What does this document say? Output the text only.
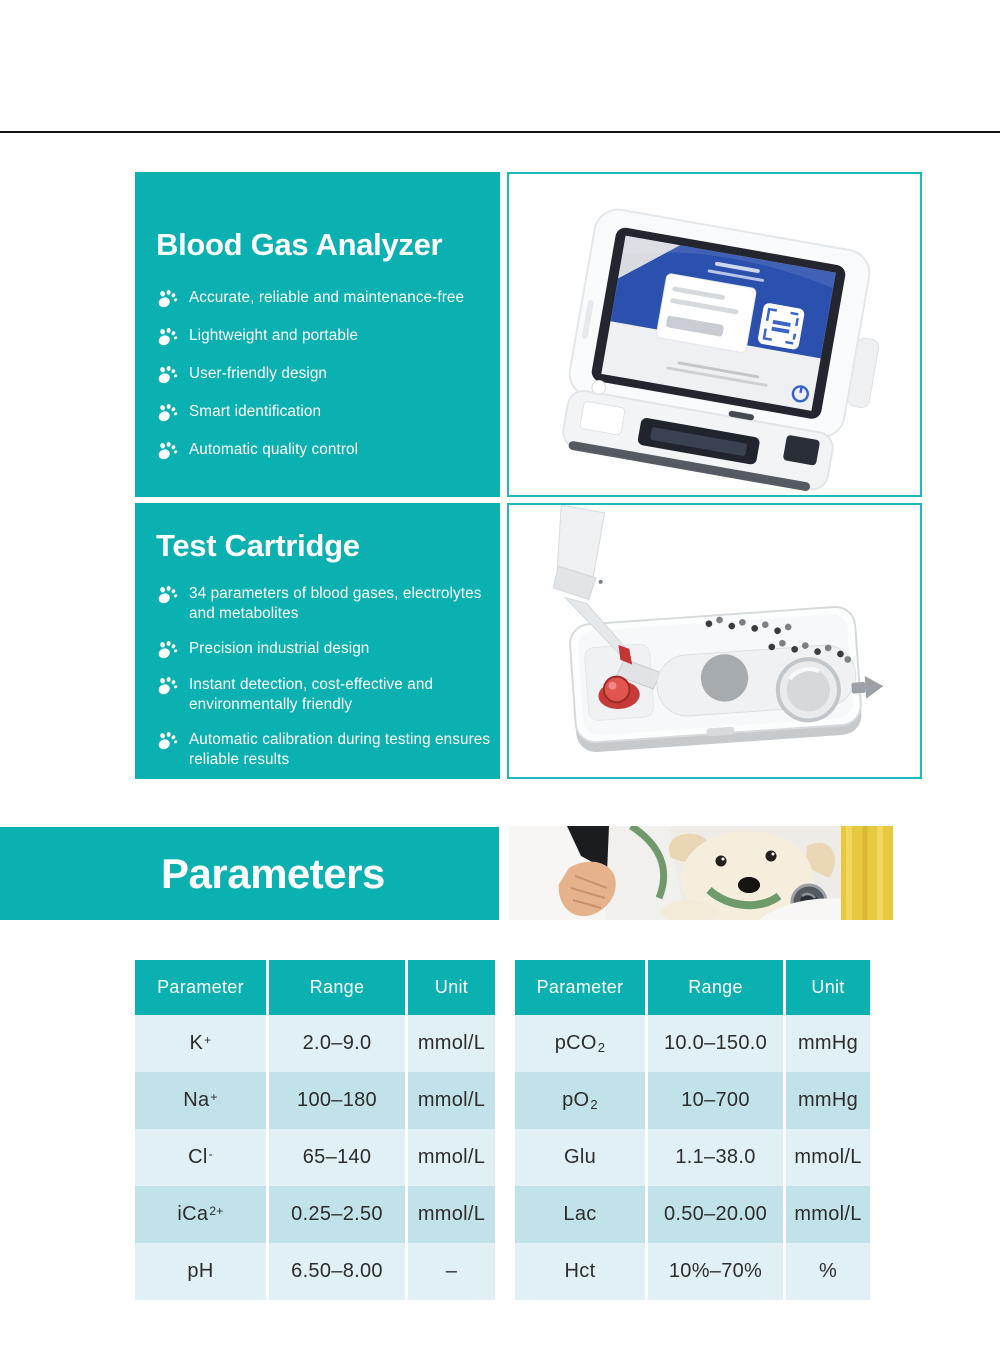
Blood Gas Analyzer
Accurate, reliable and maintenance-free
Lightweight and portable
User-friendly design
Smart identification
Automatic quality control
Test Cartridge
34 parameters of blood gases, electrolytes and metabolites
Precision industrial design
Instant detection, cost-effective and environmentally friendly
Automatic calibration during testing ensures reliable results
Parameters
Parameter	Range	Unit
K +	2.0–9.0	mmol/L
Na +	100–180	mmol/L
Cl -	65–140	mmol/L
iCa 2+	0.25–2.50	mmol/L
pH	6.50–8.00	–
Parameter	Range	Unit
pCO 2	10.0–150.0	mmHg
pO 2	10–700	mmHg
Glu	1.1–38.0	mmol/L
Lac	0.50–20.00	mmol/L
Hct	10%–70%	%
